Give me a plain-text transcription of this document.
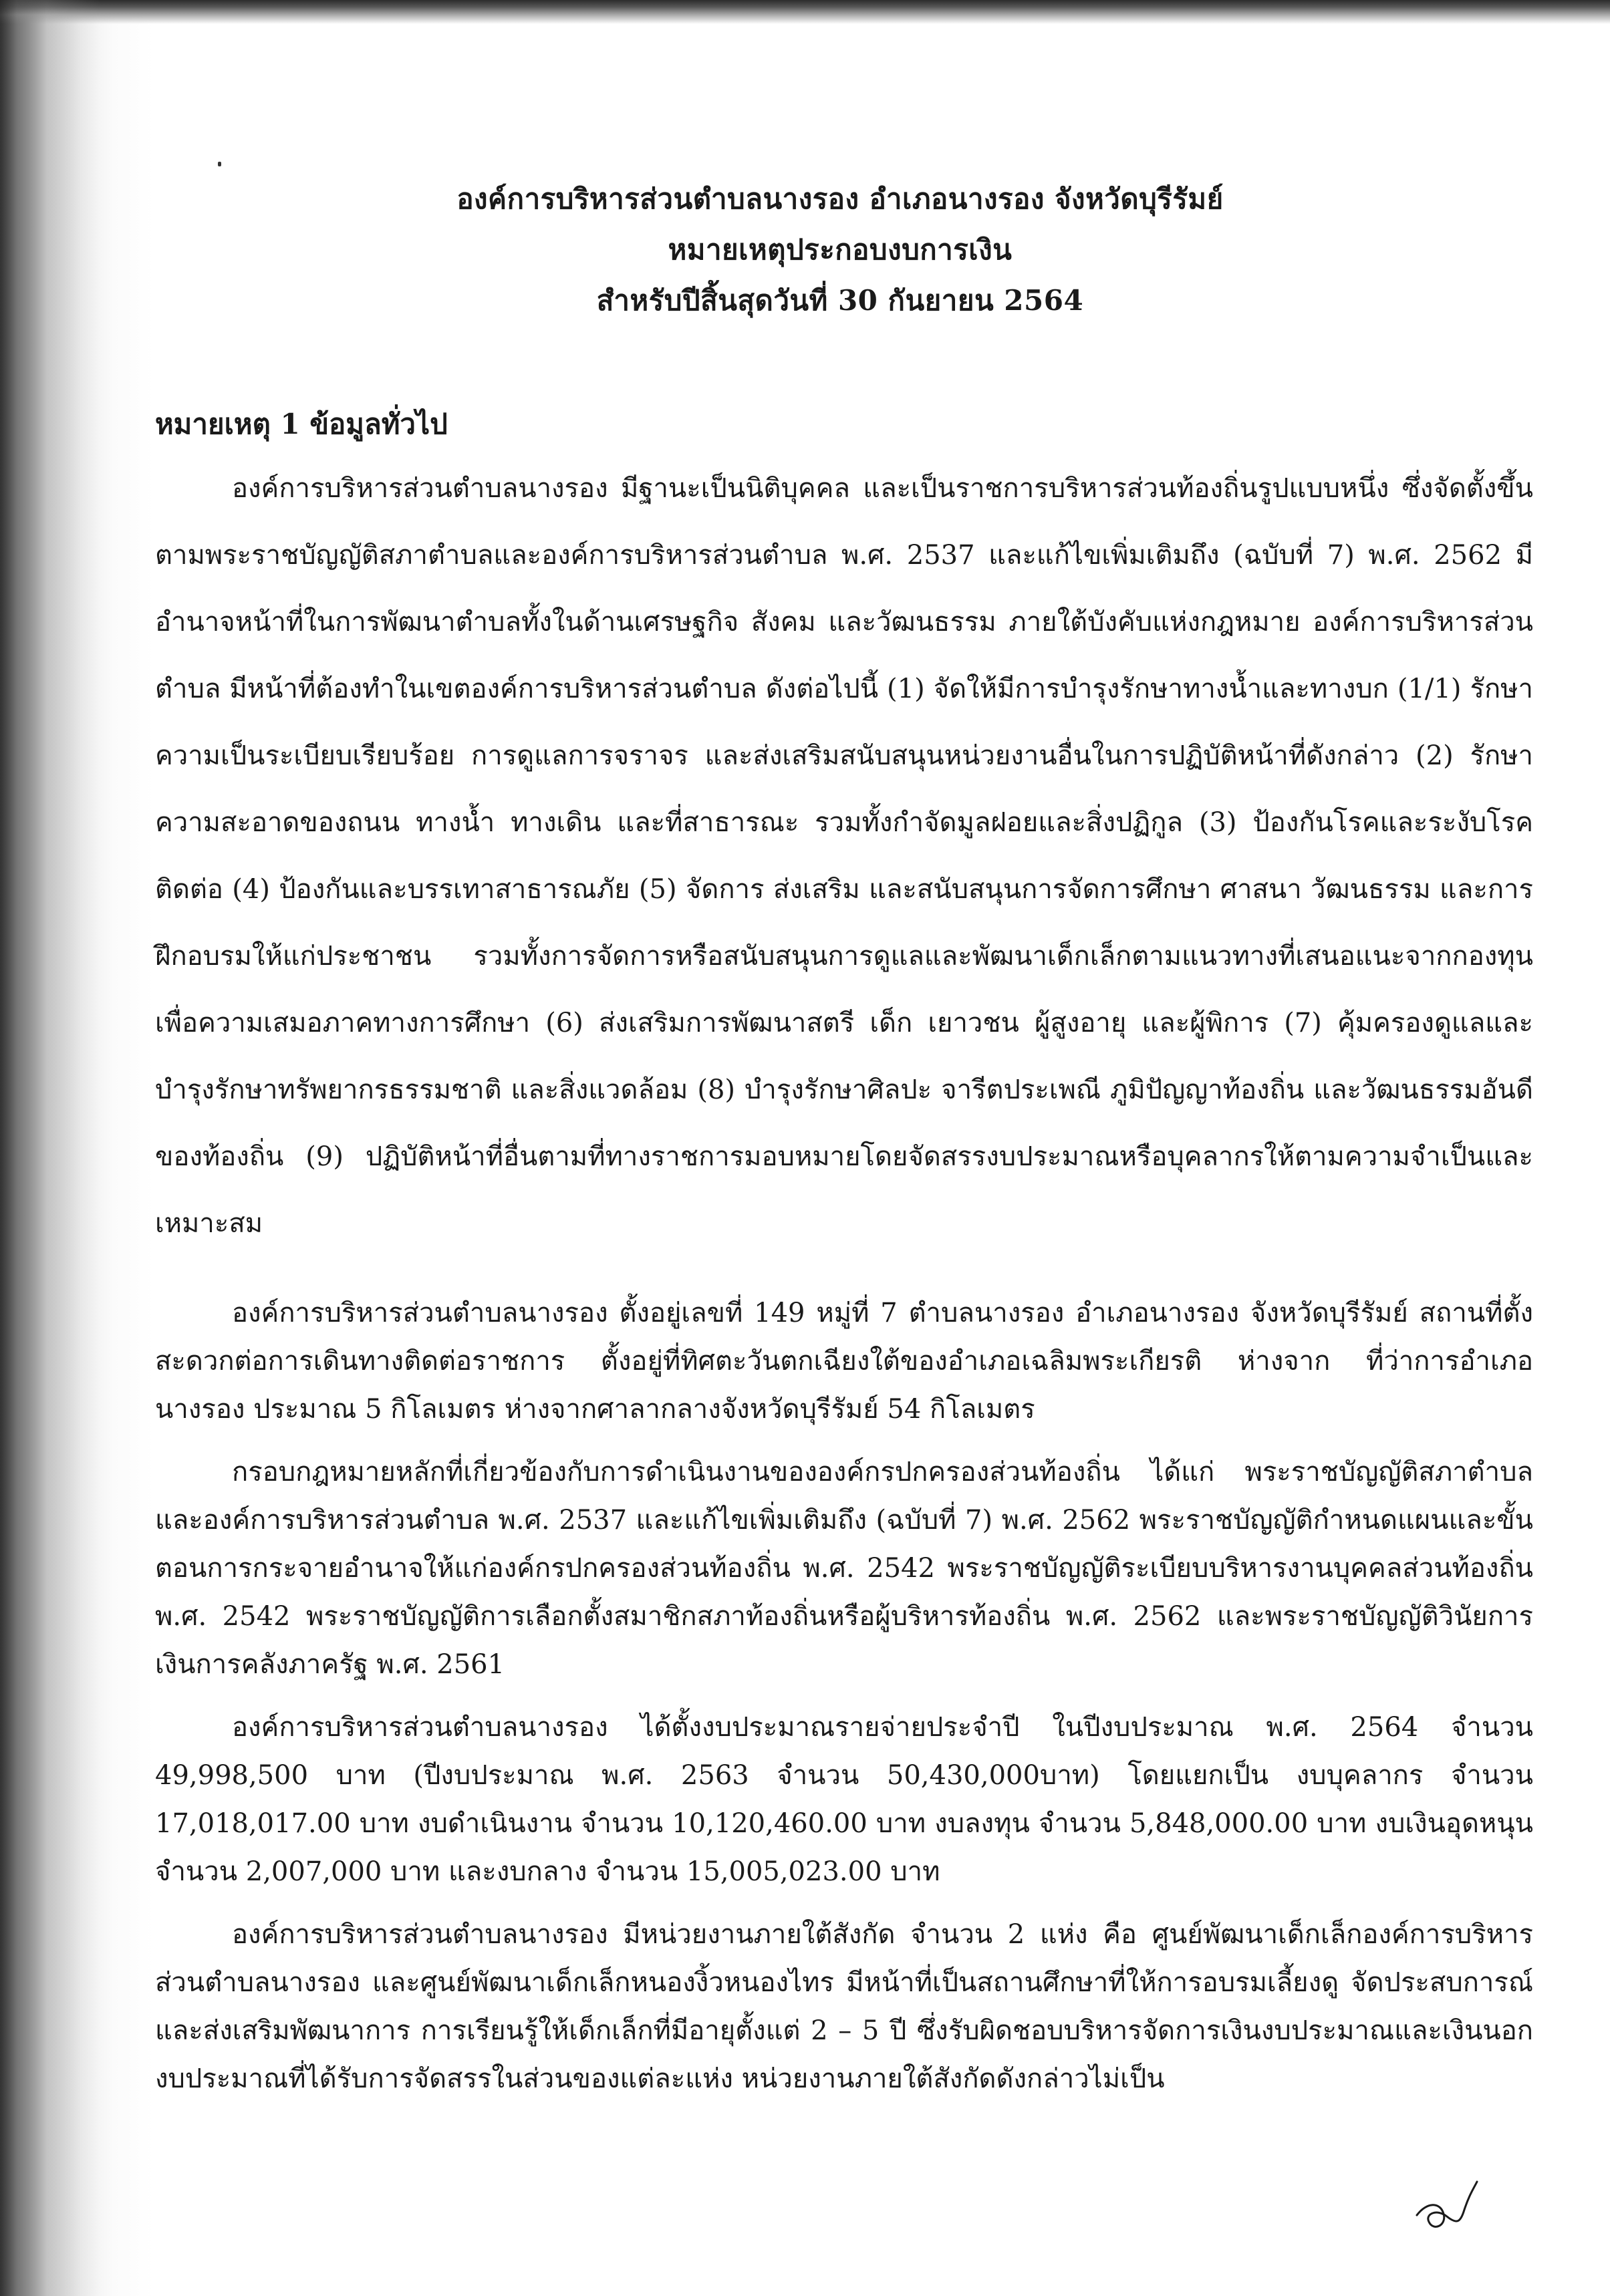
องค์การบริหารส่วนตำบลนางรอง อำเภอนางรอง จังหวัดบุรีรัมย์
หมายเหตุประกอบงบการเงิน
สำหรับปีสิ้นสุดวันที่ 30 กันยายน 2564
หมายเหตุ 1 ข้อมูลทั่วไป

องค์การบริหารส่วนตำบลนางรอง มีฐานะเป็นนิติบุคคล และเป็นราชการบริหารส่วนท้องถิ่นรูปแบบหนึ่ง ซึ่งจัดตั้งขึ้นตามพระราชบัญญัติสภาตำบลและองค์การบริหารส่วนตำบล พ.ศ. 2537 และแก้ไขเพิ่มเติมถึง (ฉบับที่ 7) พ.ศ. 2562 มีอำนาจหน้าที่ในการพัฒนาตำบลทั้งในด้านเศรษฐกิจ สังคม และวัฒนธรรม ภายใต้บังคับแห่งกฎหมาย องค์การบริหารส่วนตำบล มีหน้าที่ต้องทำในเขตองค์การบริหารส่วนตำบล ดังต่อไปนี้ (1) จัดให้มีการบำรุงรักษาทางน้ำและทางบก (1/1) รักษาความเป็นระเบียบเรียบร้อย การดูแลการจราจร และส่งเสริมสนับสนุนหน่วยงานอื่นในการปฏิบัติหน้าที่ดังกล่าว (2) รักษาความสะอาดของถนน ทางน้ำ ทางเดิน และที่สาธารณะ รวมทั้งกำจัดมูลฝอยและสิ่งปฏิกูล (3) ป้องกันโรคและระงับโรคติดต่อ (4) ป้องกันและบรรเทาสาธารณภัย (5) จัดการ ส่งเสริม และสนับสนุนการจัดการศึกษา ศาสนา วัฒนธรรม และการฝึกอบรมให้แก่ประชาชน รวมทั้งการจัดการหรือสนับสนุนการดูแลและพัฒนาเด็กเล็กตามแนวทางที่เสนอแนะจากกองทุนเพื่อความเสมอภาคทางการศึกษา (6) ส่งเสริมการพัฒนาสตรี เด็ก เยาวชน ผู้สูงอายุ และผู้พิการ (7) คุ้มครองดูแลและบำรุงรักษาทรัพยากรธรรมชาติ และสิ่งแวดล้อม (8) บำรุงรักษาศิลปะ จารีตประเพณี ภูมิปัญญาท้องถิ่น และวัฒนธรรมอันดีของท้องถิ่น (9) ปฏิบัติหน้าที่อื่นตามที่ทางราชการมอบหมายโดยจัดสรรงบประมาณหรือบุคลากรให้ตามความจำเป็นและเหมาะสม

องค์การบริหารส่วนตำบลนางรอง ตั้งอยู่เลขที่ 149 หมู่ที่ 7 ตำบลนางรอง อำเภอนางรอง จังหวัดบุรีรัมย์ สถานที่ตั้ง สะดวกต่อการเดินทางติดต่อราชการ ตั้งอยู่ที่ทิศตะวันตกเฉียงใต้ของอำเภอเฉลิมพระเกียรติ ห่างจาก ที่ว่าการอำเภอนางรอง ประมาณ 5 กิโลเมตร ห่างจากศาลากลางจังหวัดบุรีรัมย์ 54 กิโลเมตร

กรอบกฎหมายหลักที่เกี่ยวข้องกับการดำเนินงานขององค์กรปกครองส่วนท้องถิ่น ได้แก่ พระราชบัญญัติสภาตำบลและองค์การบริหารส่วนตำบล พ.ศ. 2537 และแก้ไขเพิ่มเติมถึง (ฉบับที่ 7) พ.ศ. 2562 พระราชบัญญัติกำหนดแผนและขั้นตอนการกระจายอำนาจให้แก่องค์กรปกครองส่วนท้องถิ่น พ.ศ. 2542 พระราชบัญญัติระเบียบบริหารงานบุคคลส่วนท้องถิ่น พ.ศ. 2542 พระราชบัญญัติการเลือกตั้งสมาชิกสภาท้องถิ่นหรือผู้บริหารท้องถิ่น พ.ศ. 2562 และพระราชบัญญัติวินัยการเงินการคลังภาครัฐ พ.ศ. 2561

องค์การบริหารส่วนตำบลนางรอง ได้ตั้งงบประมาณรายจ่ายประจำปี ในปีงบประมาณ พ.ศ. 2564 จำนวน 49,998,500 บาท (ปีงบประมาณ พ.ศ. 2563 จำนวน 50,430,000บาท) โดยแยกเป็น งบบุคลากร จำนวน 17,018,017.00 บาท งบดำเนินงาน จำนวน 10,120,460.00 บาท งบลงทุน จำนวน 5,848,000.00 บาท งบเงินอุดหนุน จำนวน 2,007,000 บาท และงบกลาง จำนวน 15,005,023.00 บาท

องค์การบริหารส่วนตำบลนางรอง มีหน่วยงานภายใต้สังกัด จำนวน 2 แห่ง คือ ศูนย์พัฒนาเด็กเล็กองค์การบริหารส่วนตำบลนางรอง และศูนย์พัฒนาเด็กเล็กหนองงิ้วหนองไทร มีหน้าที่เป็นสถานศึกษาที่ให้การอบรมเลี้ยงดู จัดประสบการณ์และส่งเสริมพัฒนาการ การเรียนรู้ให้เด็กเล็กที่มีอายุตั้งแต่ 2 – 5 ปี ซึ่งรับผิดชอบบริหารจัดการเงินงบประมาณและเงินนอกงบประมาณที่ได้รับการจัดสรรในส่วนของแต่ละแห่ง หน่วยงานภายใต้สังกัดดังกล่าวไม่เป็น
